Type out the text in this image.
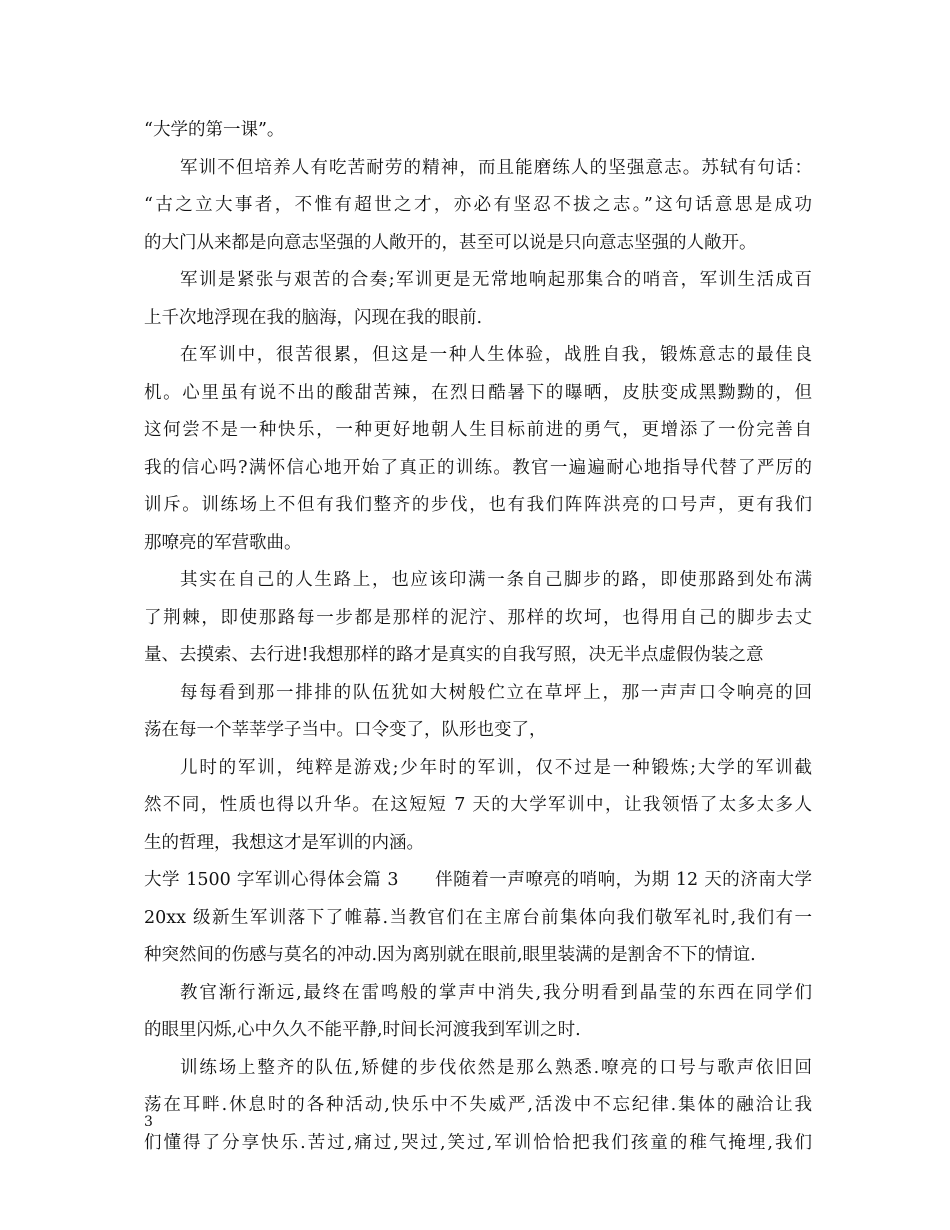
“大学的第一课”。
军训不但培养人有吃苦耐劳的精神，而且能磨练人的坚强意志。苏轼有句话：
“古之立大事者，不惟有超世之才，亦必有坚忍不拔之志。”这句话意思是成功
的大门从来都是向意志坚强的人敞开的，甚至可以说是只向意志坚强的人敞开。
军训是紧张与艰苦的合奏;军训更是无常地响起那集合的哨音，军训生活成百
上千次地浮现在我的脑海，闪现在我的眼前.
在军训中，很苦很累，但这是一种人生体验，战胜自我，锻炼意志的最佳良
机。心里虽有说不出的酸甜苦辣，在烈日酷暑下的曝晒，皮肤变成黑黝黝的，但
这何尝不是一种快乐，一种更好地朝人生目标前进的勇气，更增添了一份完善自
我的信心吗?满怀信心地开始了真正的训练。教官一遍遍耐心地指导代替了严厉的
训斥。训练场上不但有我们整齐的步伐，也有我们阵阵洪亮的口号声，更有我们
那嘹亮的军营歌曲。
其实在自己的人生路上，也应该印满一条自己脚步的路，即使那路到处布满
了荆棘，即使那路每一步都是那样的泥泞、那样的坎坷，也得用自己的脚步去丈
量、去摸索、去行进!我想那样的路才是真实的自我写照，决无半点虚假伪装之意
每每看到那一排排的队伍犹如大树般伫立在草坪上，那一声声口令响亮的回
荡在每一个莘莘学子当中。口令变了，队形也变了，
儿时的军训，纯粹是游戏;少年时的军训，仅不过是一种锻炼;大学的军训截
然不同，性质也得以升华。在这短短 7 天的大学军训中，让我领悟了太多太多人
生的哲理，我想这才是军训的内涵。
大学 1500 字军训心得体会篇 3　　伴随着一声嘹亮的哨响，为期 12 天的济南大学
20xx 级新生军训落下了帷幕.当教官们在主席台前集体向我们敬军礼时,我们有一
种突然间的伤感与莫名的冲动.因为离别就在眼前,眼里装满的是割舍不下的情谊.
教官渐行渐远,最终在雷鸣般的掌声中消失,我分明看到晶莹的东西在同学们
的眼里闪烁,心中久久不能平静,时间长河渡我到军训之时.
训练场上整齐的队伍,矫健的步伐依然是那么熟悉.嘹亮的口号与歌声依旧回
荡在耳畔.休息时的各种活动,快乐中不失威严,活泼中不忘纪律.集体的融洽让我
们懂得了分享快乐.苦过,痛过,哭过,笑过,军训恰恰把我们孩童的稚气掩埋,我们
3
